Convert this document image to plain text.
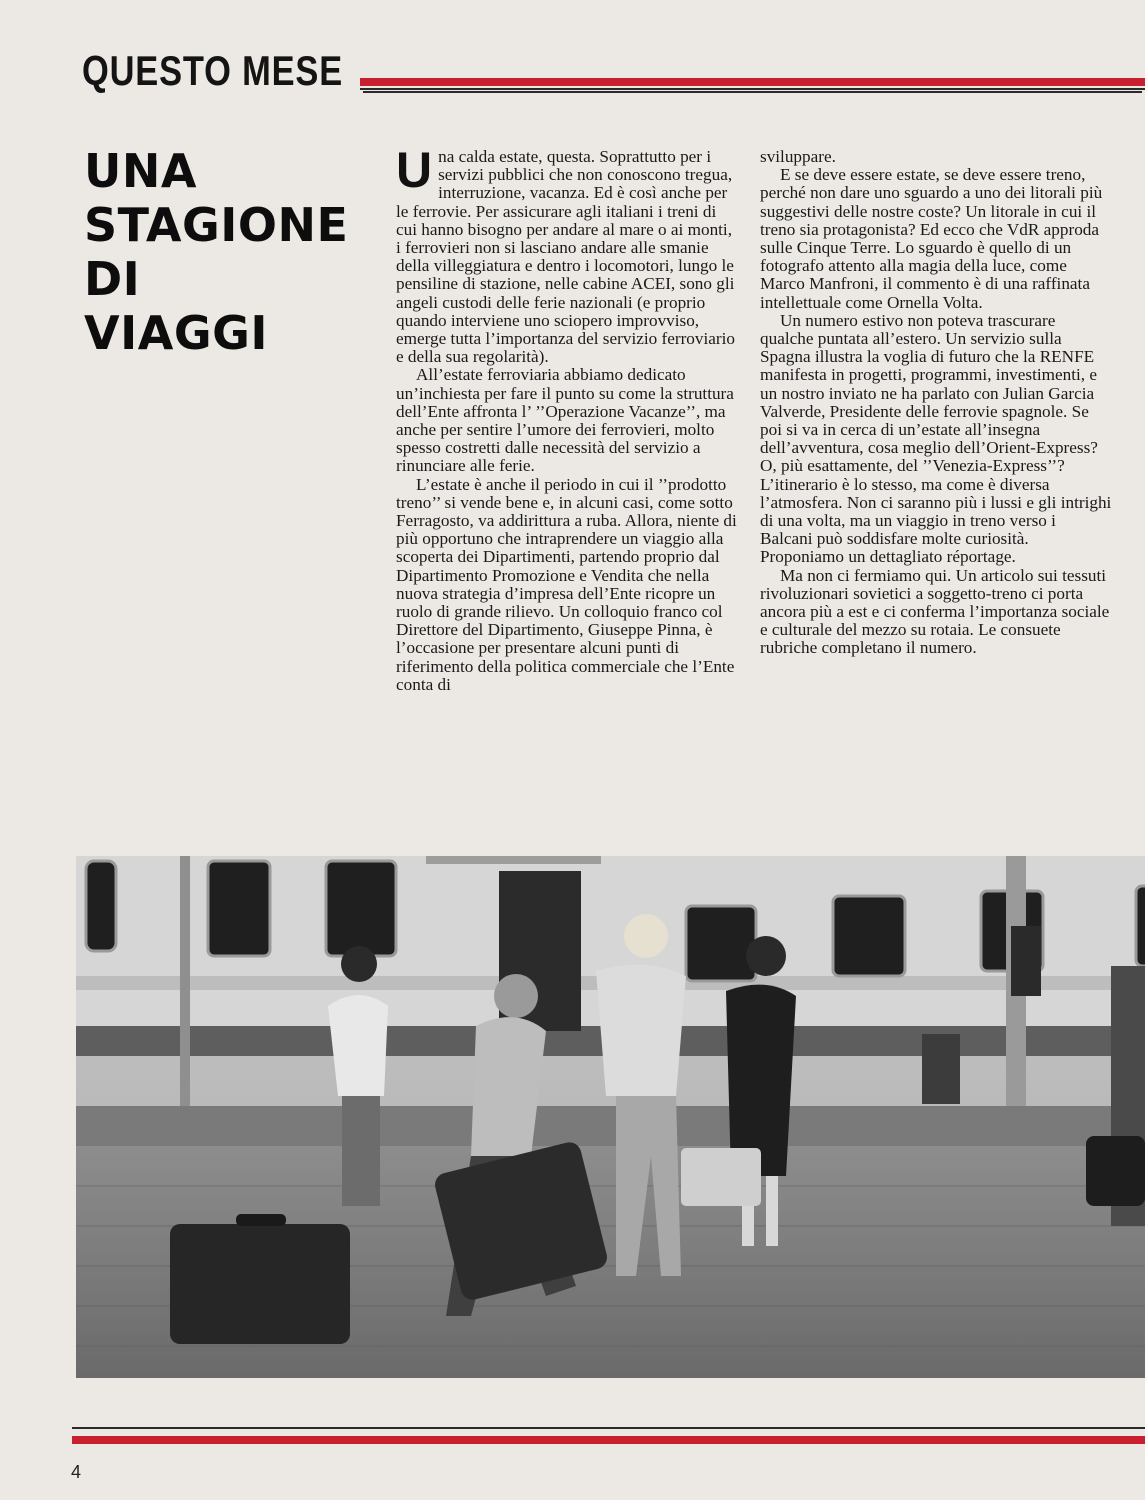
QUESTO MESE
UNA
STAGIONE
DI
VIAGGI

Una calda estate, questa. Soprattutto per i servizi pubblici che non conoscono tregua, interruzione, vacanza. Ed è così anche per le ferrovie. Per assicurare agli italiani i treni di cui hanno bisogno per andare al mare o ai monti, i ferrovieri non si lasciano andare alle smanie della villeggiatura e dentro i locomotori, lungo le pensiline di stazione, nelle cabine ACEI, sono gli angeli custodi delle ferie nazionali (e proprio quando interviene uno sciopero improvviso, emerge tutta l’importanza del servizio ferroviario e della sua regolarità).

All’estate ferroviaria abbiamo dedicato un’inchiesta per fare il punto su come la struttura dell’Ente affronta l’ ’’Operazione Vacanze’’, ma anche per sentire l’umore dei ferrovieri, molto spesso costretti dalle necessità del servizio a rinunciare alle ferie.

L’estate è anche il periodo in cui il ’’prodotto treno’’ si vende bene e, in alcuni casi, come sotto Ferragosto, va addirittura a ruba. Allora, niente di più opportuno che intraprendere un viaggio alla scoperta dei Dipartimenti, partendo proprio dal Dipartimento Promozione e Vendita che nella nuova strategia d’impresa dell’Ente ricopre un ruolo di grande rilievo. Un colloquio franco col Direttore del Dipartimento, Giuseppe Pinna, è l’occasione per presentare alcuni punti di riferimento della politica commerciale che l’Ente conta di

sviluppare.

E se deve essere estate, se deve essere treno, perché non dare uno sguardo a uno dei litorali più suggestivi delle nostre coste? Un litorale in cui il treno sia protagonista? Ed ecco che VdR approda sulle Cinque Terre. Lo sguardo è quello di un fotografo attento alla magia della luce, come Marco Manfroni, il commento è di una raffinata intellettuale come Ornella Volta.

Un numero estivo non poteva trascurare qualche puntata all’estero. Un servizio sulla Spagna illustra la voglia di futuro che la RENFE manifesta in progetti, programmi, investimenti, e un nostro inviato ne ha parlato con Julian Garcia Valverde, Presidente delle ferrovie spagnole. Se poi si va in cerca di un’estate all’insegna dell’avventura, cosa meglio dell’Orient-Express? O, più esattamente, del ’’Venezia-Express’’? L’itinerario è lo stesso, ma come è diversa l’atmosfera. Non ci saranno più i lussi e gli intrighi di una volta, ma un viaggio in treno verso i Balcani può soddisfare molte curiosità. Proponiamo un dettagliato réportage.

Ma non ci fermiamo qui. Un articolo sui tessuti rivoluzionari sovietici a soggetto-treno ci porta ancora più a est e ci conferma l’importanza sociale e culturale del mezzo su rotaia. Le consuete rubriche completano il numero.

4
